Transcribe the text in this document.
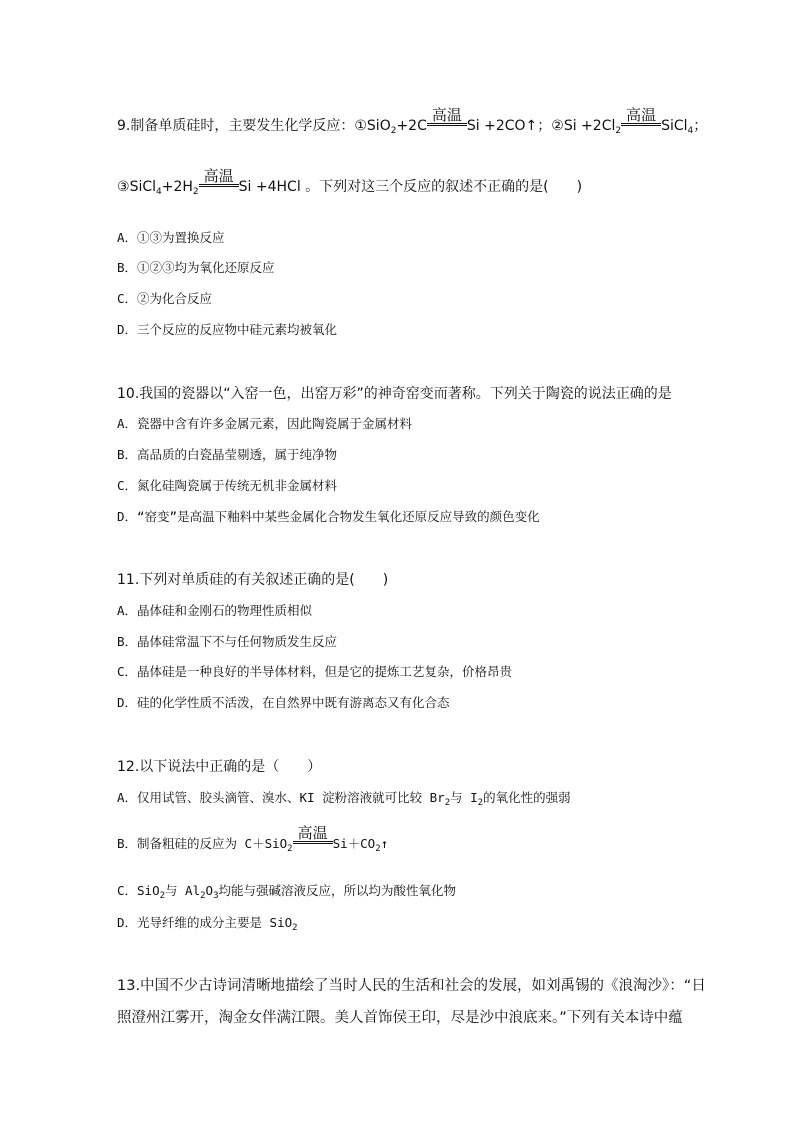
9.制备单质硅时，主要发生化学反应：①SiO$_2$+2C
高温
Si +2CO↑；②Si $+2Cl_2$
高温
SiCl$_4$；
$③SiCl_4+2H_2$
高温
Si +4HCl 。下列对这三个反应的叙述不正确的是(　　)
A．①③为置换反应
B．①②③均为氧化还原反应
C．②为化合反应
D．三个反应的反应物中硅元素均被氧化
10.我国的瓷器以“入窑一色，出窑万彩”的神奇窑变而著称。下列关于陶瓷的说法正确的是
A．瓷器中含有许多金属元素，因此陶瓷属于金属材料
B．高品质的白瓷晶莹剔透，属于纯净物
C．氮化硅陶瓷属于传统无机非金属材料
D．“窑变”是高温下釉料中某些金属化合物发生氧化还原反应导致的颜色变化
11.下列对单质硅的有关叙述正确的是(　　)
A．晶体硅和金刚石的物理性质相似
B．晶体硅常温下不与任何物质发生反应
C．晶体硅是一种良好的半导体材料，但是它的提炼工艺复杂，价格昂贵
D．硅的化学性质不活泼，在自然界中既有游离态又有化合态
12.以下说法中正确的是（　　）
A．仅用试管、胶头滴管、溴水、KI 淀粉溶液就可比较 $Br_2$与 $I_2$的氧化性的强弱
B．制备粗硅的反应为 C＋SiO$_2$
高温
$Si+CO_2↑$
C．SiO$_2$与 $Al_2O_3$均能与强碱溶液反应，所以均为酸性氧化物
D．光导纤维的成分主要是 SiO$_2$
13.中国不少古诗词清晰地描绘了当时人民的生活和社会的发展，如刘禹锡的《浪淘沙》：“日
照澄州江雾开，淘金女伴满江隈。美人首饰侯王印，尽是沙中浪底来。”下列有关本诗中蕴
